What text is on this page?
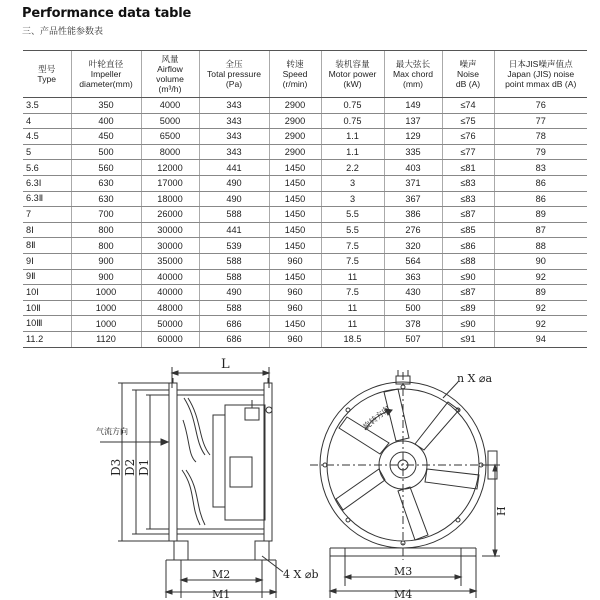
Performance data table
三、产品性能参数表
型号
Type	叶轮直径
Impeller
diameter(mm)	风量
Airflow
volume
(m³/h)	全压
Total pressure
(Pa)	转速
Speed
(r/min)	装机容量
Motor power
(kW)	最大弦长
Max chord
(mm)	噪声
Noise
dB (A)	日本JIS噪声值点
Japan (JIS) noise
point mmax dB (A)

3.5	350	4000	343	2900	0.75	149	≤74	76
4	400	5000	343	2900	0.75	137	≤75	77
4.5	450	6500	343	2900	1.1	129	≤76	78
5	500	8000	343	2900	1.1	335	≤77	79
5.6	560	12000	441	1450	2.2	403	≤81	83
6.3Ⅰ	630	17000	490	1450	3	371	≤83	86
6.3Ⅱ	630	18000	490	1450	3	367	≤83	86
7	700	26000	588	1450	5.5	386	≤87	89
8Ⅰ	800	30000	441	1450	5.5	276	≤85	87
8Ⅱ	800	30000	539	1450	7.5	320	≤86	88
9Ⅰ	900	35000	588	960	7.5	564	≤88	90
9Ⅱ	900	40000	588	1450	11	363	≤90	92
10Ⅰ	1000	40000	490	960	7.5	430	≤87	89
10Ⅱ	1000	48000	588	960	11	500	≤89	92
10Ⅲ	1000	50000	686	1450	11	378	≤90	92
11.2	1120	60000	686	960	18.5	507	≤91	94
L
气流方向
D3 D2 D1
M2
M1
4 X ⌀b
n X ⌀a
旋转方向
H
M3
M4
